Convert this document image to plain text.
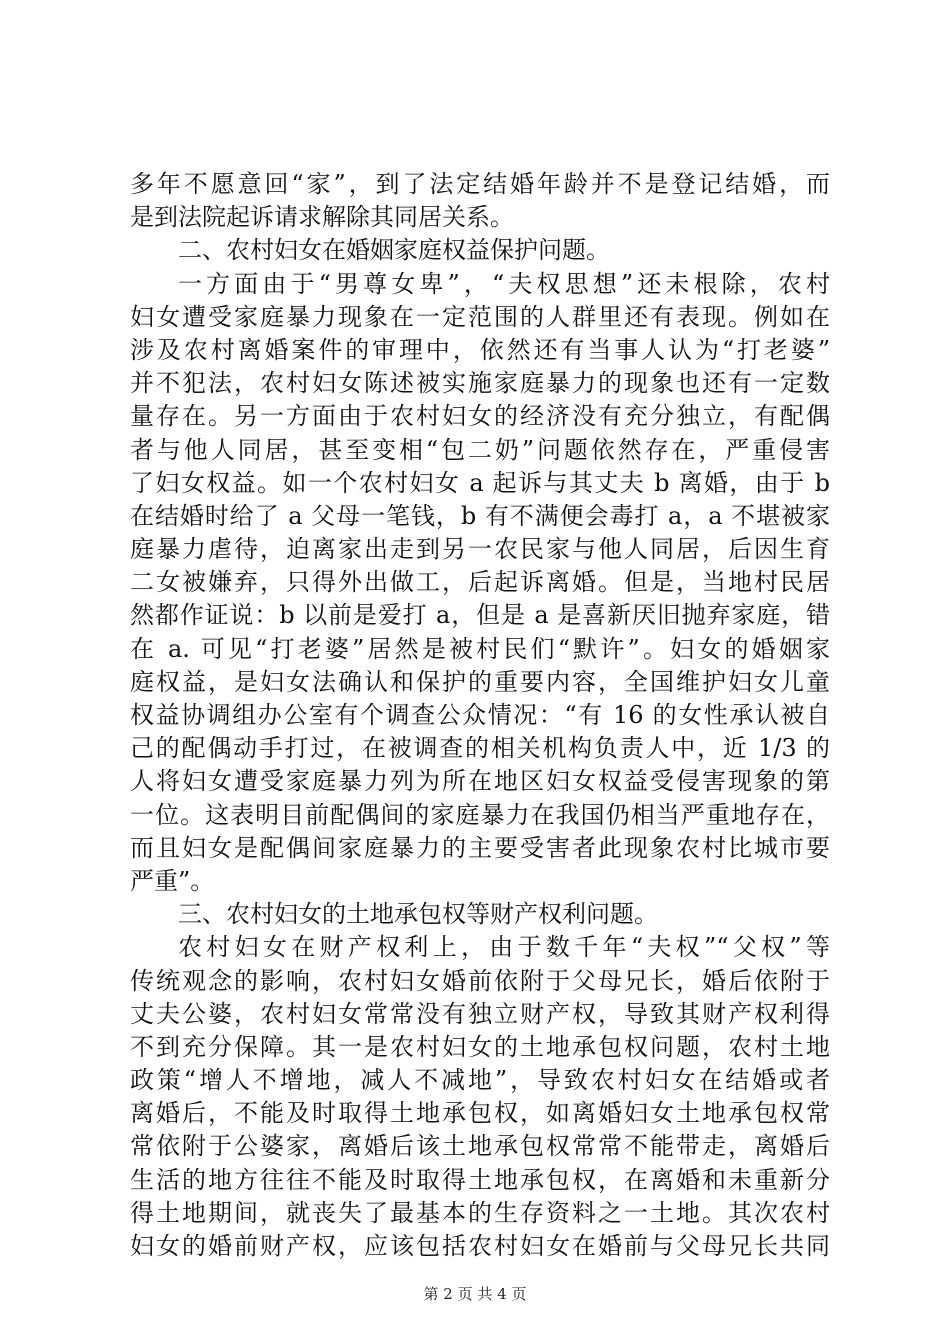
多年不愿意回“家”，到了法定结婚年龄并不是登记结婚，而
是到法院起诉请求解除其同居关系。
二、农村妇女在婚姻家庭权益保护问题。
一方面由于“男尊女卑”，“夫权思想”还未根除，农村
妇女遭受家庭暴力现象在一定范围的人群里还有表现。例如在
涉及农村离婚案件的审理中，依然还有当事人认为“打老婆”
并不犯法，农村妇女陈述被实施家庭暴力的现象也还有一定数
量存在。另一方面由于农村妇女的经济没有充分独立，有配偶
者与他人同居，甚至变相“包二奶”问题依然存在，严重侵害
了妇女权益。如一个农村妇女 a 起诉与其丈夫 b 离婚，由于 b
在结婚时给了 a 父母一笔钱，b 有不满便会毒打 a，a 不堪被家
庭暴力虐待，迫离家出走到另一农民家与他人同居，后因生育
二女被嫌弃，只得外出做工，后起诉离婚。但是，当地村民居
然都作证说：b 以前是爱打 a，但是 a 是喜新厌旧抛弃家庭，错
在 a. 可见“打老婆”居然是被村民们“默许”。妇女的婚姻家
庭权益，是妇女法确认和保护的重要内容，全国维护妇女儿童
权益协调组办公室有个调查公众情况：“有 16 的女性承认被自
己的配偶动手打过，在被调查的相关机构负责人中，近 1/3 的
人将妇女遭受家庭暴力列为所在地区妇女权益受侵害现象的第
一位。这表明目前配偶间的家庭暴力在我国仍相当严重地存在，
而且妇女是配偶间家庭暴力的主要受害者此现象农村比城市要
严重”。
三、农村妇女的土地承包权等财产权利问题。
农村妇女在财产权利上，由于数千年“夫权”“父权”等
传统观念的影响，农村妇女婚前依附于父母兄长，婚后依附于
丈夫公婆，农村妇女常常没有独立财产权，导致其财产权利得
不到充分保障。其一是农村妇女的土地承包权问题，农村土地
政策“增人不增地，减人不减地”，导致农村妇女在结婚或者
离婚后，不能及时取得土地承包权，如离婚妇女土地承包权常
常依附于公婆家，离婚后该土地承包权常常不能带走，离婚后
生活的地方往往不能及时取得土地承包权，在离婚和未重新分
得土地期间，就丧失了最基本的生存资料之一土地。其次农村
妇女的婚前财产权，应该包括农村妇女在婚前与父母兄长共同
第 2 页 共 4 页
